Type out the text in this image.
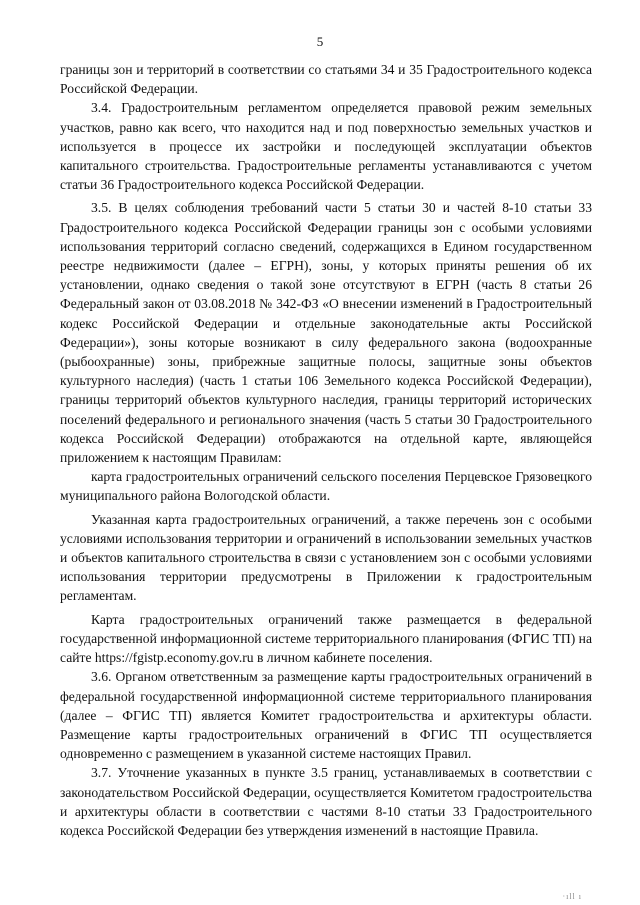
5

границы зон и территорий в соответствии со статьями 34 и 35 Градостроительного кодекса Российской Федерации.

3.4. Градостроительным регламентом определяется правовой режим земельных участков, равно как всего, что находится над и под поверхностью земельных участков и используется в процессе их застройки и последующей эксплуатации объектов капитального строительства. Градостроительные регламенты устанавливаются с учетом статьи 36 Градостроительного кодекса Российской Федерации.

3.5. В целях соблюдения требований части 5 статьи 30 и частей 8-10 статьи 33 Градостроительного кодекса Российской Федерации границы зон с особыми условиями использования территорий согласно сведений, содержащихся в Едином государственном реестре недвижимости (далее – ЕГРН), зоны, у которых приняты решения об их установлении, однако сведения о такой зоне отсутствуют в ЕГРН (часть 8 статьи 26 Федеральный закон от 03.08.2018 № 342-ФЗ «О внесении изменений в Градостроительный кодекс Российской Федерации и отдельные законодательные акты Российской Федерации»), зоны которые возникают в силу федерального закона (водоохранные (рыбоохранные) зоны, прибрежные защитные полосы, защитные зоны объектов культурного наследия) (часть 1 статьи 106 Земельного кодекса Российской Федерации), границы территорий объектов культурного наследия, границы территорий исторических поселений федерального и регионального значения (часть 5 статьи 30 Градостроительного кодекса Российской Федерации) отображаются на отдельной карте, являющейся приложением к настоящим Правилам:

карта градостроительных ограничений сельского поселения Перцевское Грязовецкого муниципального района Вологодской области.

Указанная карта градостроительных ограничений, а также перечень зон с особыми условиями использования территории и ограничений в использовании земельных участков и объектов капитального строительства в связи с установлением зон с особыми условиями использования территории предусмотрены в Приложении к градостроительным регламентам.

Карта градостроительных ограничений также размещается в федеральной государственной информационной системе территориального планирования (ФГИС ТП) на сайте https://fgistp.economy.gov.ru в личном кабинете поселения.

3.6. Органом ответственным за размещение карты градостроительных ограничений в федеральной государственной информационной системе территориального планирования (далее – ФГИС ТП) является Комитет градостроительства и архитектуры области. Размещение карты градостроительных ограничений в ФГИС ТП осуществляется одновременно с размещением в указанной системе настоящих Правил.

3.7. Уточнение указанных в пункте 3.5 границ, устанавливаемых в соответствии с законодательством Российской Федерации, осуществляется Комитетом градостроительства и архитектуры области в соответствии с частями 8-10 статьи 33 Градостроительного кодекса Российской Федерации без утверждения изменений в настоящие Правила.

·ıll ı
